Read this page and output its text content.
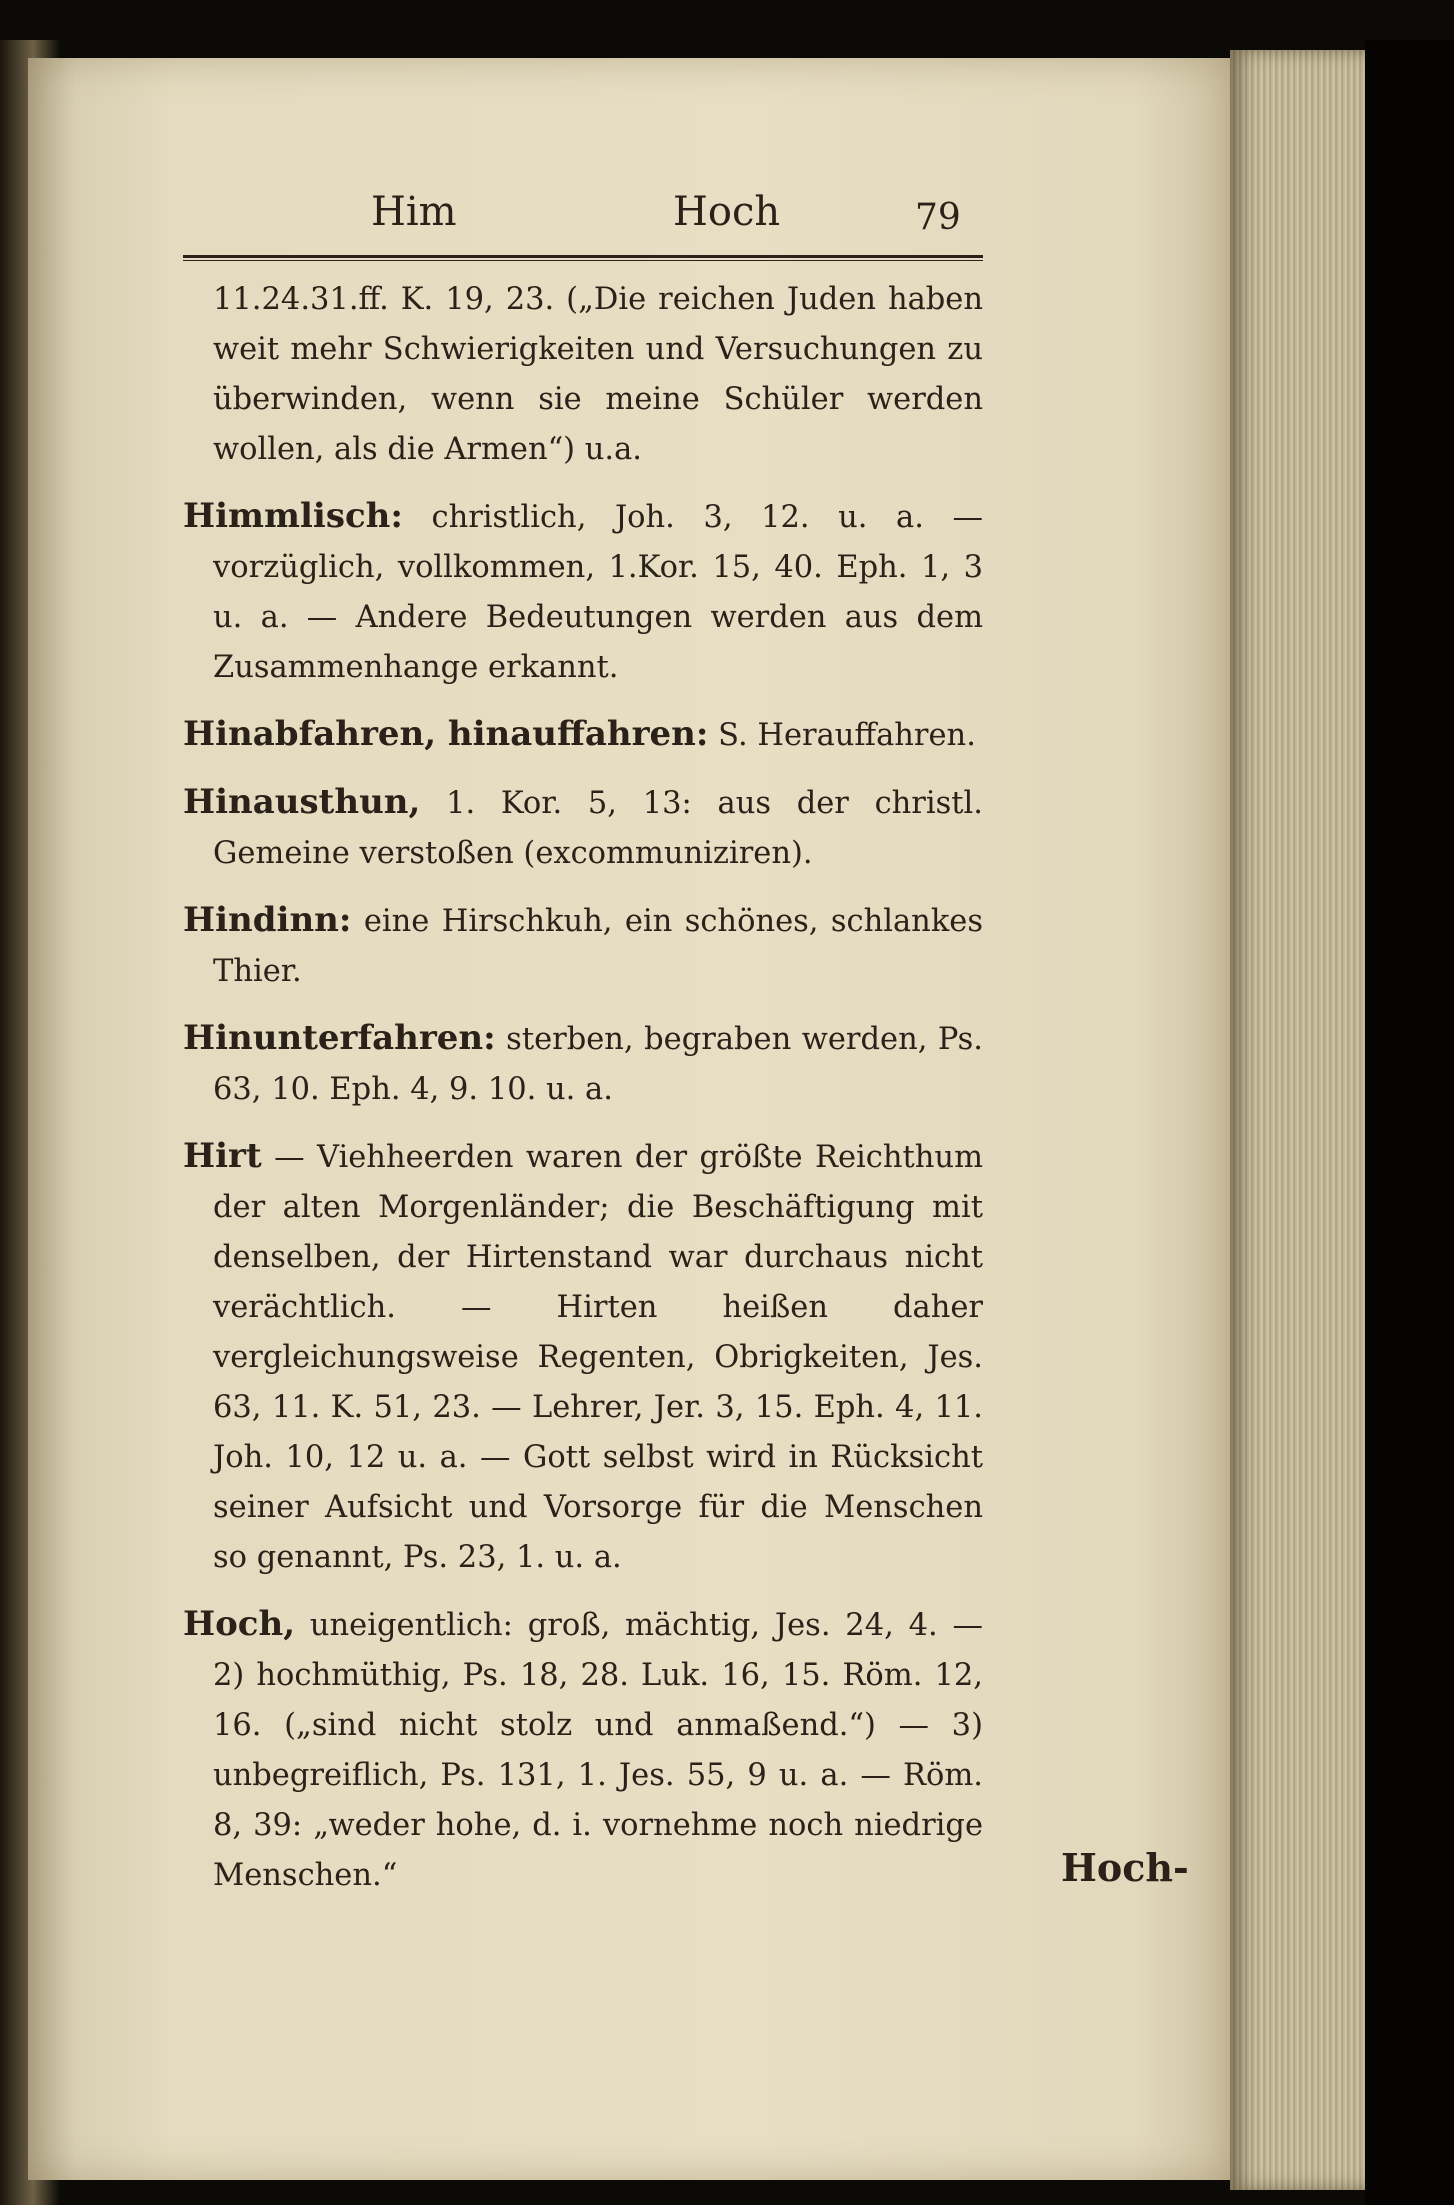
Him	Hoch	79

11.24.31.ff. K. 19, 23. („Die reichen Juden haben weit mehr Schwierigkeiten und Versuchungen zu überwinden, wenn sie meine Schüler werden wollen, als die Armen“) u.a.

Himmlisch: christlich, Joh. 3, 12. u. a. — vorzüglich, vollkommen, 1.Kor. 15, 40. Eph. 1, 3 u. a. — Andere Bedeutungen werden aus dem Zusammenhange erkannt.

Hinabfahren, hinauffahren: S. Herauffahren.

Hinausthun, 1. Kor. 5, 13: aus der christl. Gemeine verstoßen (excommuniziren).

Hindinn: eine Hirschkuh, ein schönes, schlankes Thier.

Hinunterfahren: sterben, begraben werden, Ps. 63, 10. Eph. 4, 9. 10. u. a.

Hirt — Viehheerden waren der größte Reichthum der alten Morgenländer; die Beschäftigung mit denselben, der Hirtenstand war durchaus nicht verächtlich. — Hirten heißen daher vergleichungsweise Regenten, Obrigkeiten, Jes. 63, 11. K. 51, 23. — Lehrer, Jer. 3, 15. Eph. 4, 11. Joh. 10, 12 u. a. — Gott selbst wird in Rücksicht seiner Aufsicht und Vorsorge für die Menschen so genannt, Ps. 23, 1. u. a.

Hoch, uneigentlich: groß, mächtig, Jes. 24, 4. — 2) hochmüthig, Ps. 18, 28. Luk. 16, 15. Röm. 12, 16. („sind nicht stolz und anmaßend.“) — 3) unbegreiflich, Ps. 131, 1. Jes. 55, 9 u. a. — Röm. 8, 39: „weder hohe, d. i. vornehme noch niedrige Menschen.“	Hoch-
